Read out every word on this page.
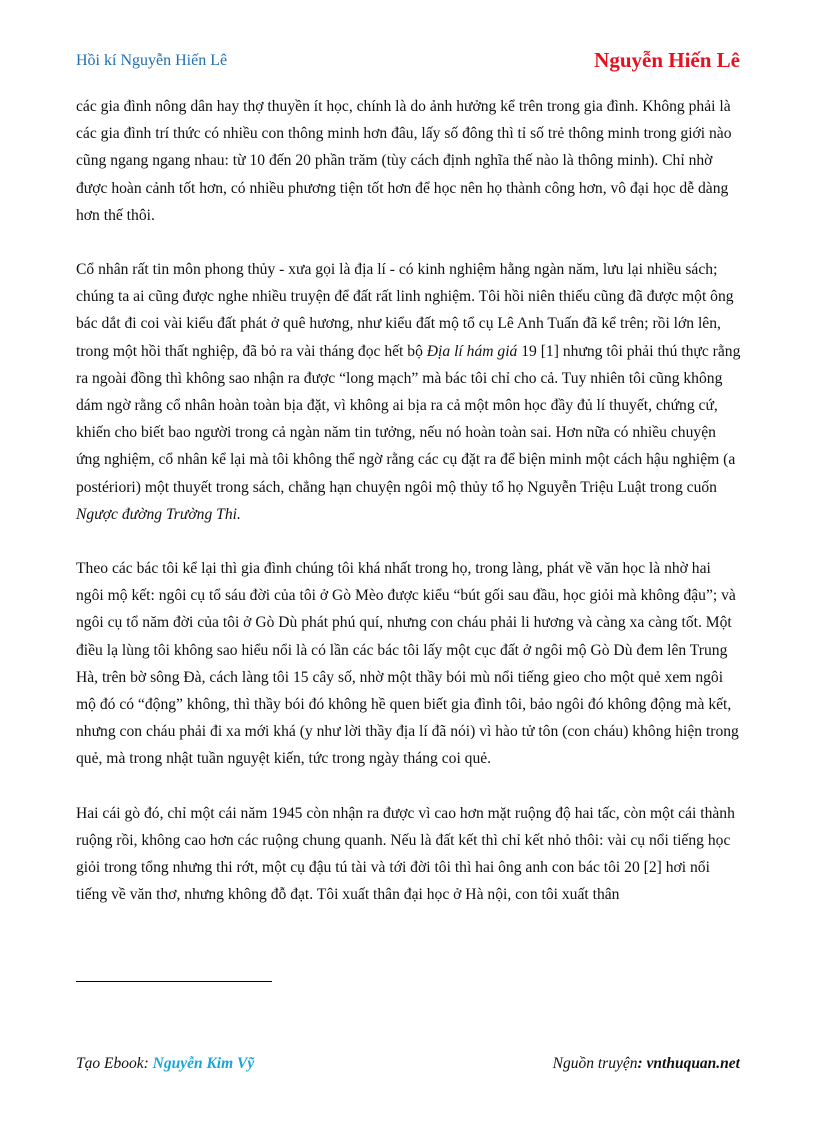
Hồi kí Nguyễn Hiến Lê	Nguyễn Hiến Lê

các gia đình nông dân hay thợ thuyền ít học, chính là do ảnh hưởng kể trên trong gia đình. Không phải là các gia đình trí thức có nhiều con thông minh hơn đâu, lấy số đông thì tỉ số trẻ thông minh trong giới nào cũng ngang ngang nhau: từ 10 đến 20 phần trăm (tùy cách định nghĩa thế nào là thông minh). Chỉ nhờ được hoàn cảnh tốt hơn, có nhiều phương tiện tốt hơn để học nên họ thành công hơn, vô đại học dễ dàng hơn thế thôi.

Cổ nhân rất tin môn phong thủy - xưa gọi là địa lí - có kinh nghiệm hằng ngàn năm, lưu lại nhiều sách; chúng ta ai cũng được nghe nhiều truyện để đất rất linh nghiệm. Tôi hồi niên thiếu cũng đã được một ông bác dắt đi coi vài kiểu đất phát ở quê hương, như kiểu đất mộ tổ cụ Lê Anh Tuấn đã kể trên; rồi lớn lên, trong một hồi thất nghiệp, đã bỏ ra vài tháng đọc hết bộ Địa lí hám giá 19 [1] nhưng tôi phải thú thực rằng ra ngoài đồng thì không sao nhận ra được “long mạch” mà bác tôi chỉ cho cả. Tuy nhiên tôi cũng không dám ngờ rằng cổ nhân hoàn toàn bịa đặt, vì không ai bịa ra cả một môn học đầy đủ lí thuyết, chứng cứ, khiến cho biết bao người trong cả ngàn năm tin tưởng, nếu nó hoàn toàn sai. Hơn nữa có nhiều chuyện ứng nghiệm, cổ nhân kể lại mà tôi không thể ngờ rằng các cụ đặt ra để biện minh một cách hậu nghiệm (a postériori) một thuyết trong sách, chẳng hạn chuyện ngôi mộ thủy tổ họ Nguyễn Triệu Luật trong cuốn Ngược đường Trường Thi.

Theo các bác tôi kể lại thì gia đình chúng tôi khá nhất trong họ, trong làng, phát về văn học là nhờ hai ngôi mộ kết: ngôi cụ tổ sáu đời của tôi ở Gò Mèo được kiểu “bút gối sau đầu, học giỏi mà không đậu”; và ngôi cụ tổ năm đời của tôi ở Gò Dù phát phú quí, nhưng con cháu phải li hương và càng xa càng tốt. Một điều lạ lùng tôi không sao hiểu nổi là có lần các bác tôi lấy một cục đất ở ngôi mộ Gò Dù đem lên Trung Hà, trên bờ sông Đà, cách làng tôi 15 cây số, nhờ một thầy bói mù nổi tiếng gieo cho một quẻ xem ngôi mộ đó có “động” không, thì thầy bói đó không hề quen biết gia đình tôi, bảo ngôi đó không động mà kết, nhưng con cháu phải đi xa mới khá (y như lời thầy địa lí đã nói) vì hào tử tôn (con cháu) không hiện trong quẻ, mà trong nhật tuần nguyệt kiến, tức trong ngày tháng coi quẻ.

Hai cái gò đó, chỉ một cái năm 1945 còn nhận ra được vì cao hơn mặt ruộng độ hai tấc, còn một cái thành ruộng rồi, không cao hơn các ruộng chung quanh. Nếu là đất kết thì chỉ kết nhỏ thôi: vài cụ nổi tiếng học giỏi trong tổng nhưng thi rớt, một cụ đậu tú tài và tới đời tôi thì hai ông anh con bác tôi 20 [2] hơi nổi tiếng về văn thơ, nhưng không đỗ đạt. Tôi xuất thân đại học ở Hà nội, con tôi xuất thân

Tạo Ebook: Nguyễn Kim Vỹ	Nguồn truyện: vnthuquan.net
